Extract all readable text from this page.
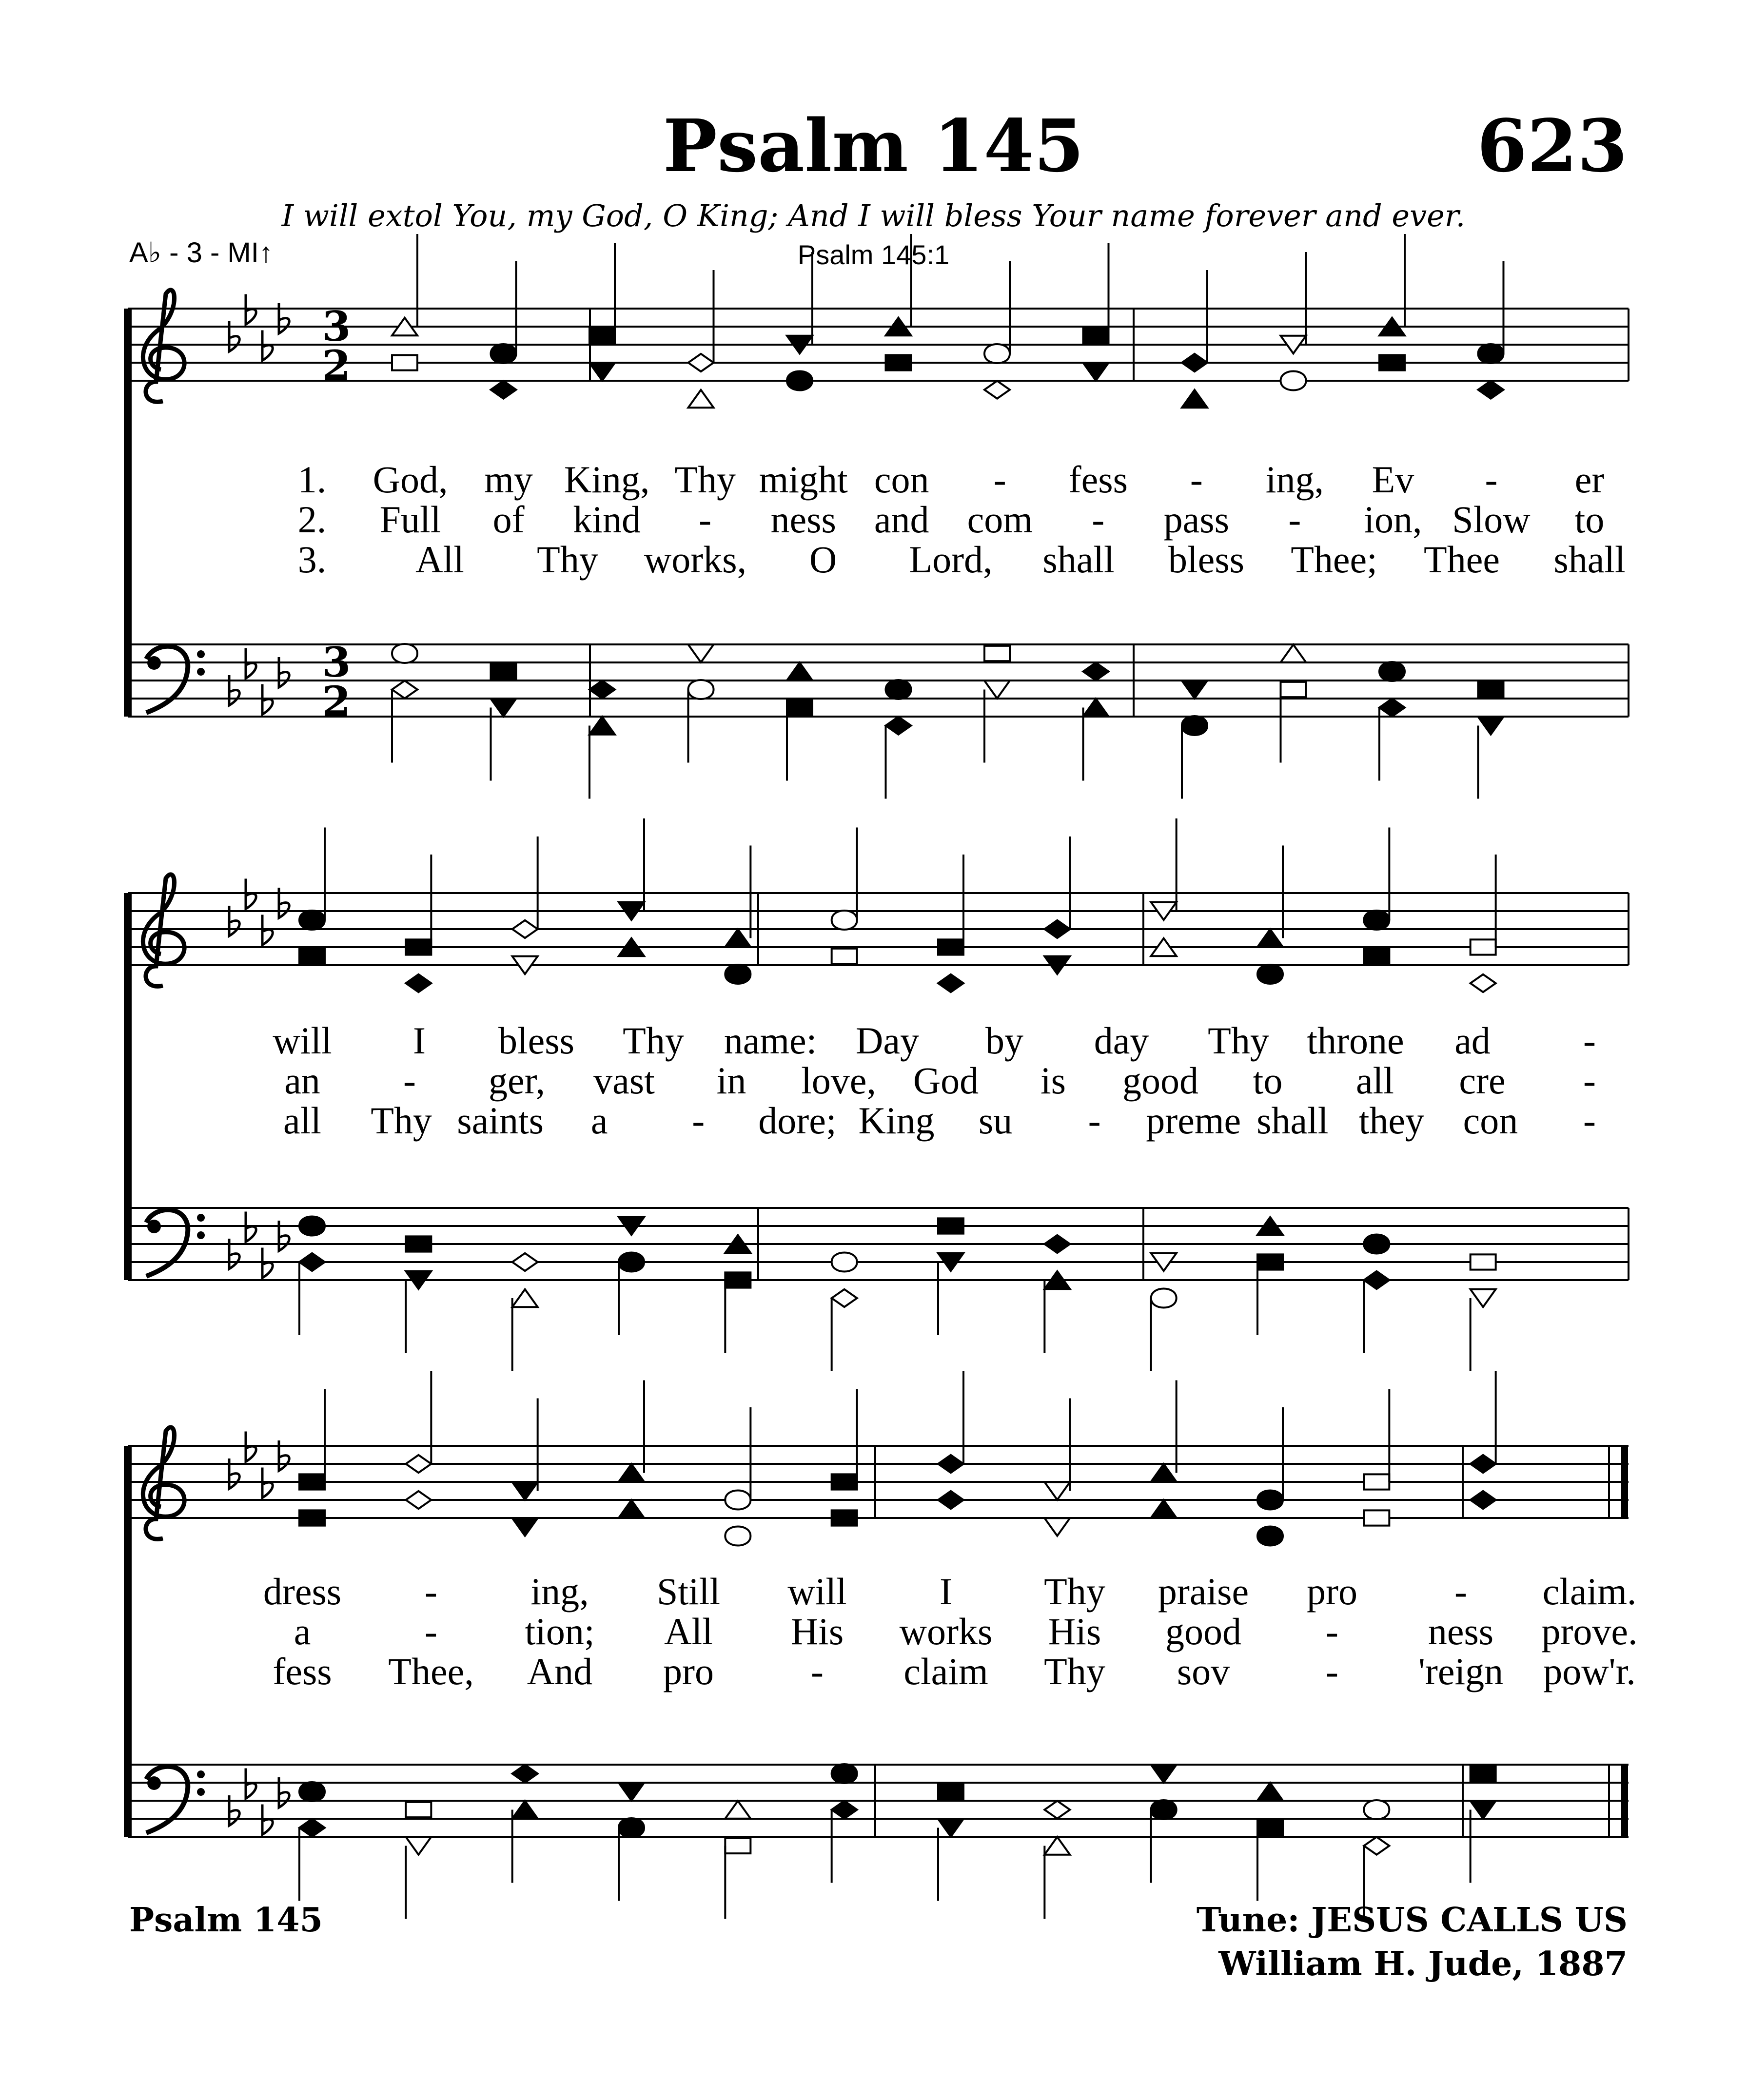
Psalm 145	623
I will extol You, my God, O King; And I will bless Your name forever and ever.
Psalm 145:1
A♭ - 3 - MI↑
3
2
3
2
1. God, my King, Thy might con - fess - ing, Ev - er
2. Full of kind - ness and com - pass - ion, Slow to
3. All Thy works, O Lord, shall bless Thee; Thee shall
will I bless Thy name: Day by day Thy throne ad -
an - ger, vast in love, God is good to all cre -
all Thy saints a - dore; King su - preme shall they con -
dress - ing, Still will I Thy praise pro	- claim.
a	- tion; All His works His good - ness prove.
fess Thee, And pro	- claim Thy sov	- 'reign pow'r.
Psalm 145	Tune: JESUS CALLS US
William H. Jude, 1887
